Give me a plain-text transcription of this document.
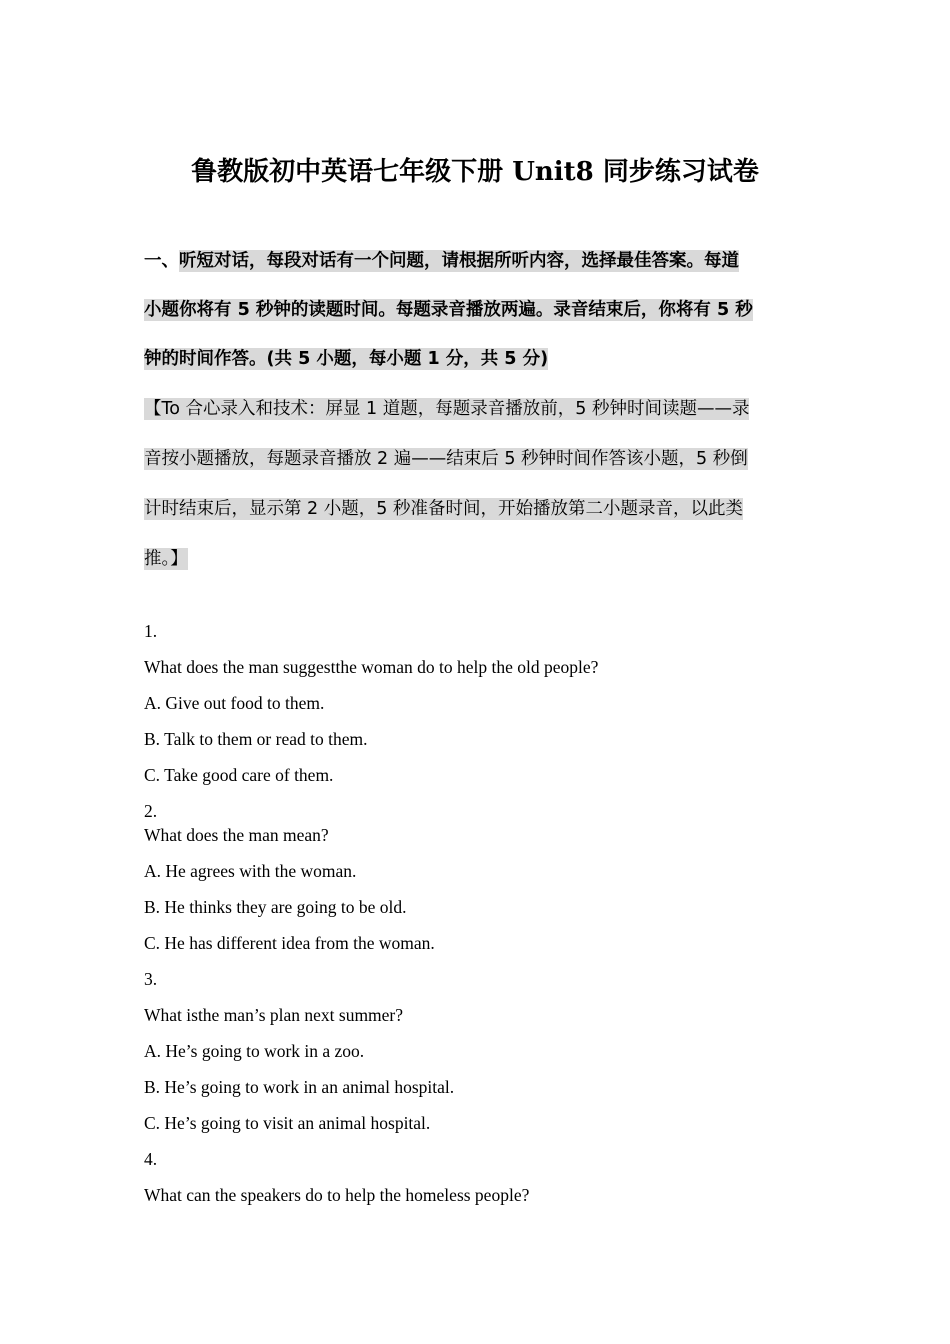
鲁教版初中英语七年级下册 Unit8 同步练习试卷
一、听短对话，每段对话有一个问题，请根据所听内容，选择最佳答案。每道
小题你将有 5 秒钟的读题时间。每题录音播放两遍。录音结束后，你将有 5 秒
钟的时间作答。(共 5 小题，每小题 1 分，共 5 分)
【To 合心录入和技术：屏显 1 道题，每题录音播放前，5 秒钟时间读题——录
音按小题播放，每题录音播放 2 遍——结束后 5 秒钟时间作答该小题，5 秒倒
计时结束后，显示第 2 小题，5 秒准备时间，开始播放第二小题录音，以此类
推。】
1.
What does the man suggestthe woman do to help the old people?
A. Give out food to them.
B. Talk to them or read to them.
C. Take good care of them.
2.
What does the man mean?
A. He agrees with the woman.
B. He thinks they are going to be old.
C. He has different idea from the woman.
3.
What isthe man’s plan next summer?
A. He’s going to work in a zoo.
B. He’s going to work in an animal hospital.
C. He’s going to visit an animal hospital.
4.
What can the speakers do to help the homeless people?
